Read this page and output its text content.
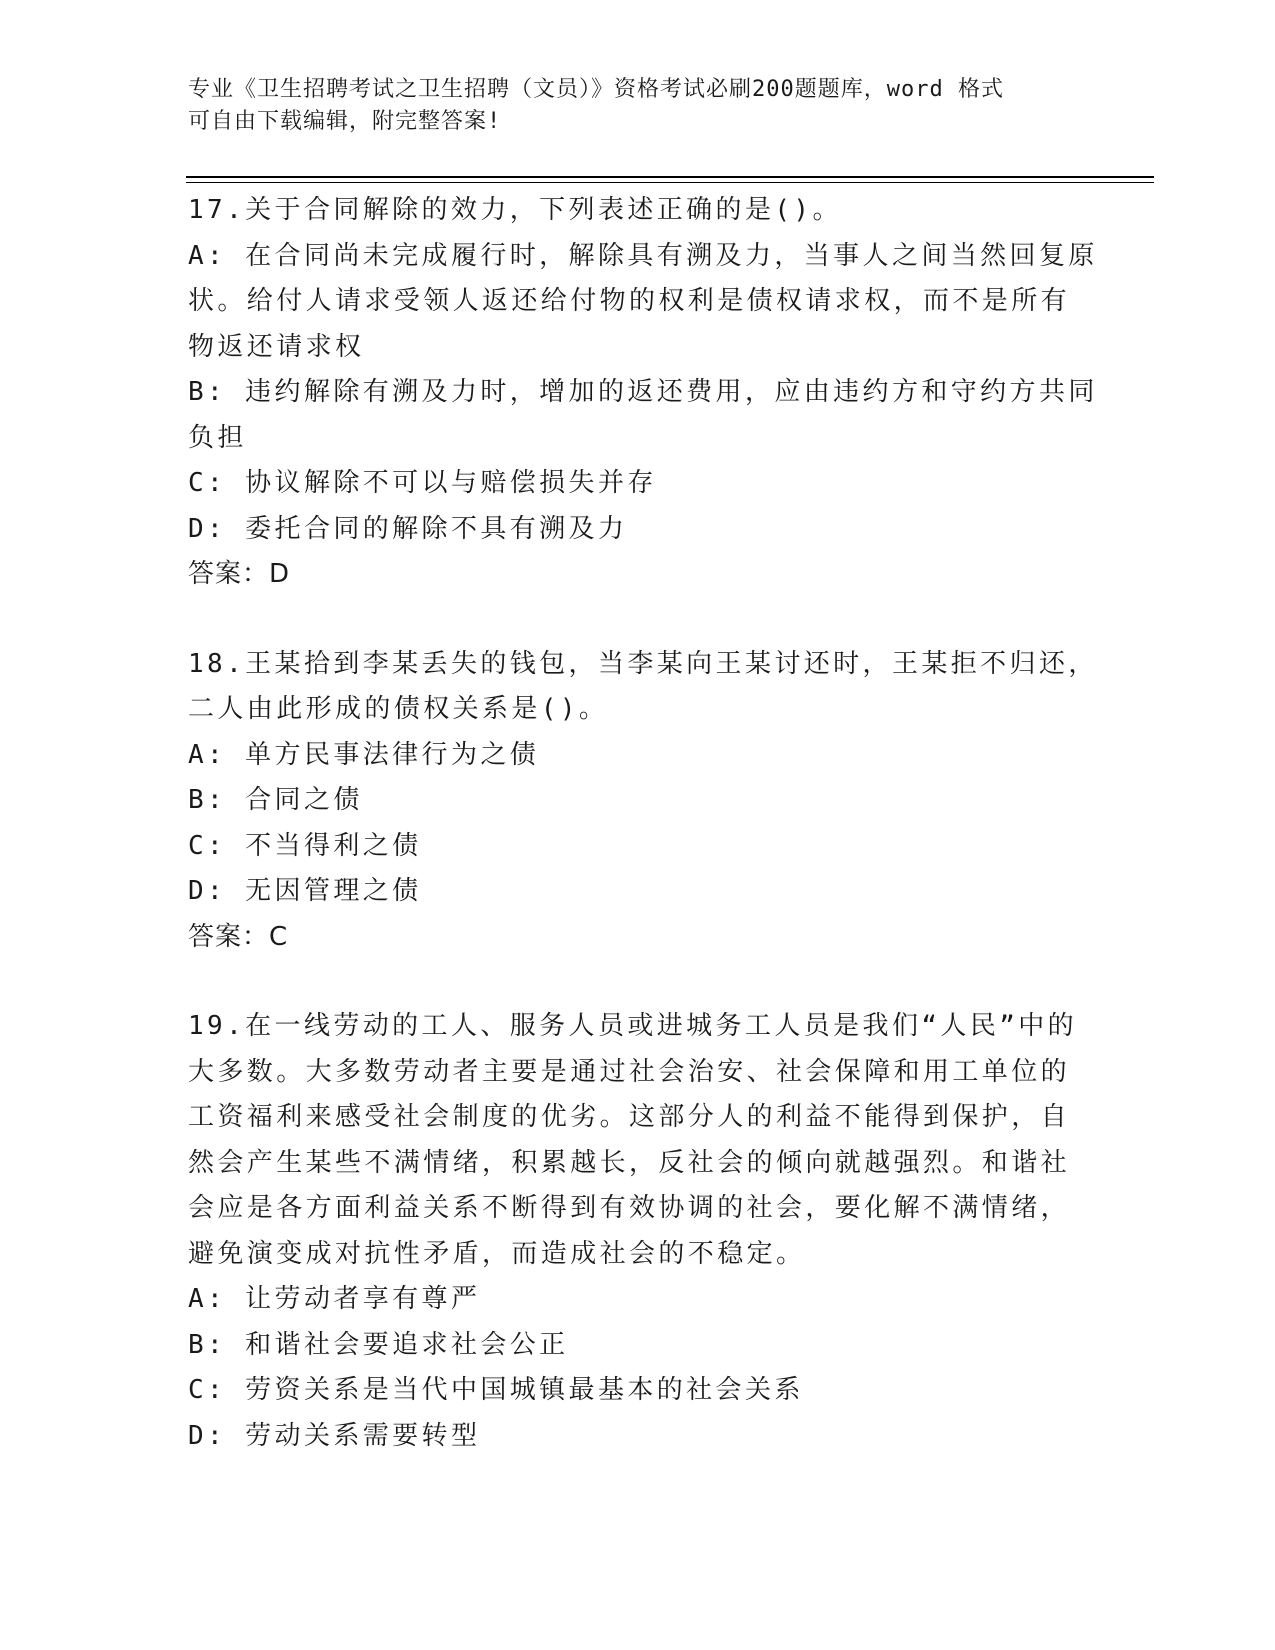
专业《卫生招聘考试之卫生招聘（文员）》资格考试必刷200题题库，word 格式
可自由下载编辑，附完整答案!
17.关于合同解除的效力，下列表述正确的是()。
A: 在合同尚未完成履行时，解除具有溯及力，当事人之间当然回复原
状。给付人请求受领人返还给付物的权利是债权请求权，而不是所有
物返还请求权
B: 违约解除有溯及力时，增加的返还费用，应由违约方和守约方共同
负担
C: 协议解除不可以与赔偿损失并存
D: 委托合同的解除不具有溯及力
答案：D
18.王某拾到李某丢失的钱包，当李某向王某讨还时，王某拒不归还，
二人由此形成的债权关系是()。
A: 单方民事法律行为之债
B: 合同之债
C: 不当得利之债
D: 无因管理之债
答案：C
19.在一线劳动的工人、服务人员或进城务工人员是我们“人民”中的
大多数。大多数劳动者主要是通过社会治安、社会保障和用工单位的
工资福利来感受社会制度的优劣。这部分人的利益不能得到保护，自
然会产生某些不满情绪，积累越长，反社会的倾向就越强烈。和谐社
会应是各方面利益关系不断得到有效协调的社会，要化解不满情绪，
避免演变成对抗性矛盾，而造成社会的不稳定。
A: 让劳动者享有尊严
B: 和谐社会要追求社会公正
C: 劳资关系是当代中国城镇最基本的社会关系
D: 劳动关系需要转型
